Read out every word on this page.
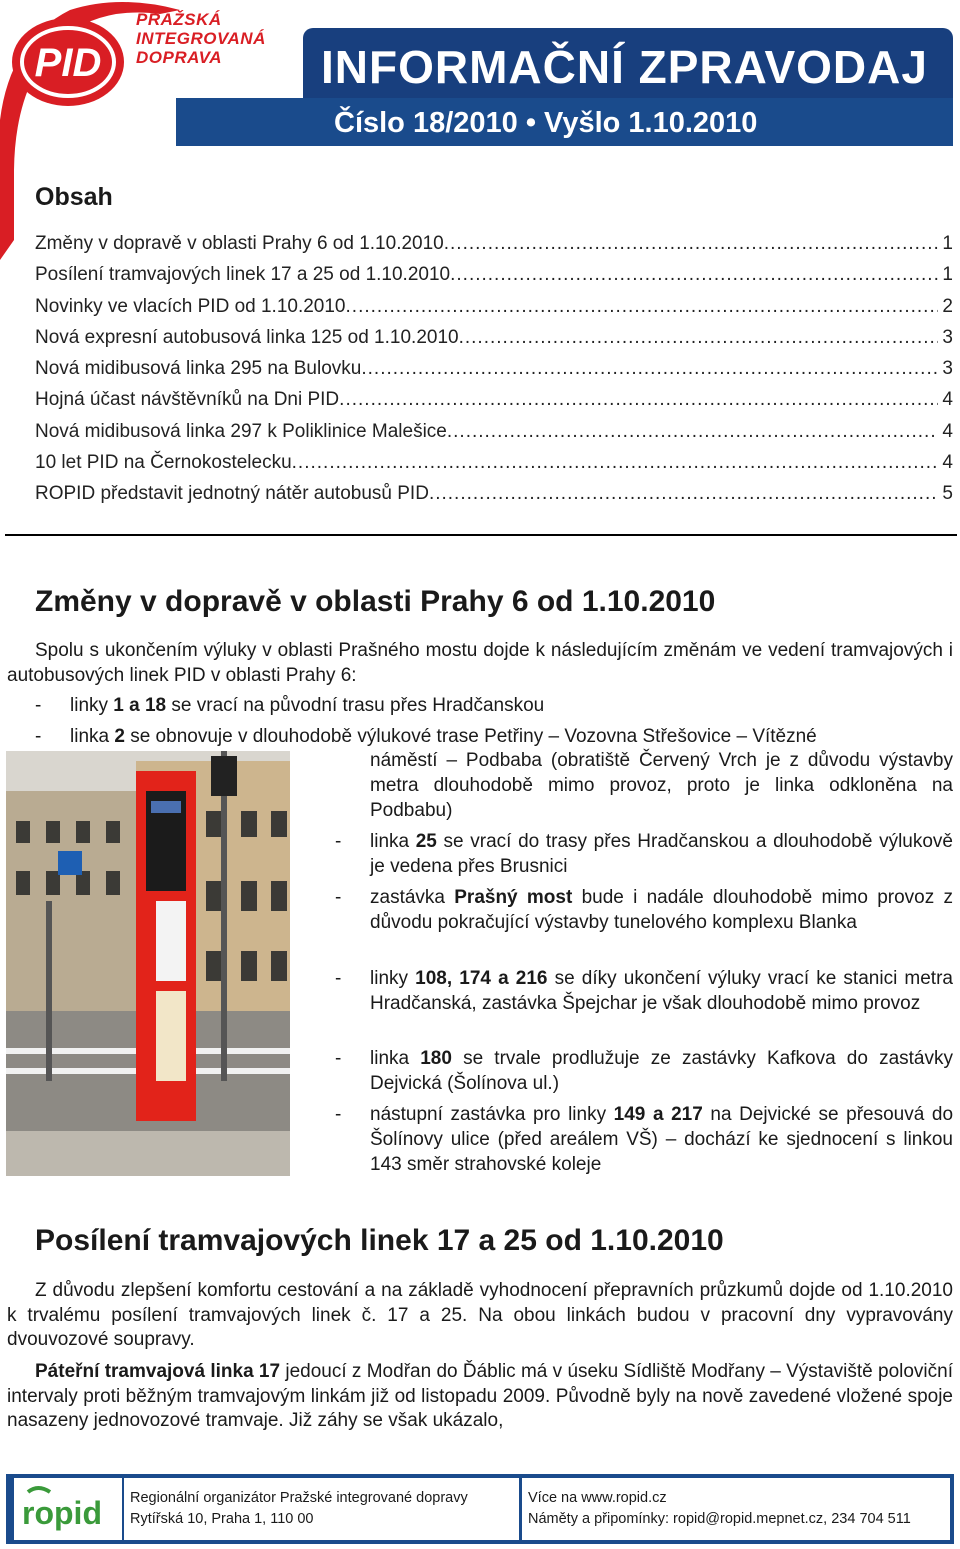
PID
PRAŽSKÁ
INTEGROVANÁ
DOPRAVA	INFORMAČNÍ ZPRAVODAJ
Číslo 18/2010 • Vyšlo 1.10.2010
Obsah
Změny v dopravě v oblasti Prahy 6 od 1.10.2010 .....	1
Posílení tramvajových linek 17 a 25 od 1.10.2010 .....	1
Novinky ve vlacích PID od 1.10.2010 .....	2
Nová expresní autobusová linka 125 od 1.10.2010 .....	3
Nová midibusová linka 295 na Bulovku .....	3
Hojná účast návštěvníků na Dni PID .....	4
Nová midibusová linka 297 k Poliklinice Malešice .....	4
10 let PID na Černokostelecku .....	4
ROPID představit jednotný nátěr autobusů PID .....	5
Změny v dopravě v oblasti Prahy 6 od 1.10.2010
Spolu s ukončením výluky v oblasti Prašného mostu dojde k následujícím změnám ve vedení tramvajových i autobusových linek PID v oblasti Prahy 6:
- linky 1 a 18 se vrací na původní trasu přes Hradčanskou
- linka 2 se obnovuje v dlouhodobě výlukové trase Petřiny – Vozovna Střešovice – Vítězné
náměstí – Podbaba (obratiště Červený Vrch je z důvodu výstavby metra dlouhodobě mimo provoz, proto je linka odkloněna na Podbabu)
- linka 25 se vrací do trasy přes Hradčanskou a dlouhodobě výlukově je vedena přes Brusnici
- zastávka Prašný most bude i nadále dlouhodobě mimo provoz z důvodu pokračující výstavby tunelového komplexu Blanka
- linky 108, 174 a 216 se díky ukončení výluky vrací ke stanici metra Hradčanská, zastávka Špejchar je však dlouhodobě mimo provoz
- linka 180 se trvale prodlužuje ze zastávky Kafkova do zastávky Dejvická (Šolínova ul.)
- nástupní zastávka pro linky 149 a 217 na Dejvické se přesouvá do Šolínovy ulice (před areálem VŠ) – dochází ke sjednocení s linkou 143 směr strahovské koleje
Posílení tramvajových linek 17 a 25 od 1.10.2010
Z důvodu zlepšení komfortu cestování a na základě vyhodnocení přepravních průzkumů dojde od 1.10.2010 k trvalému posílení tramvajových linek č. 17 a 25. Na obou linkách budou v pracovní dny vypravovány dvouvozové soupravy.
Páteřní tramvajová linka 17 jedoucí z Modřan do Ďáblic má v úseku Sídliště Modřany – Výstaviště poloviční intervaly proti běžným tramvajovým linkám již od listopadu 2009. Původně byly na nově zavedené vložené spoje nasazeny jednovozové tramvaje. Již záhy se však ukázalo,
ropid Regionální organizátor Pražské integrované dopravy
Rytířská 10, Praha 1, 110 00
Více na www.ropid.cz
Náměty a připomínky: ropid@ropid.mepnet.cz, 234 704 511
